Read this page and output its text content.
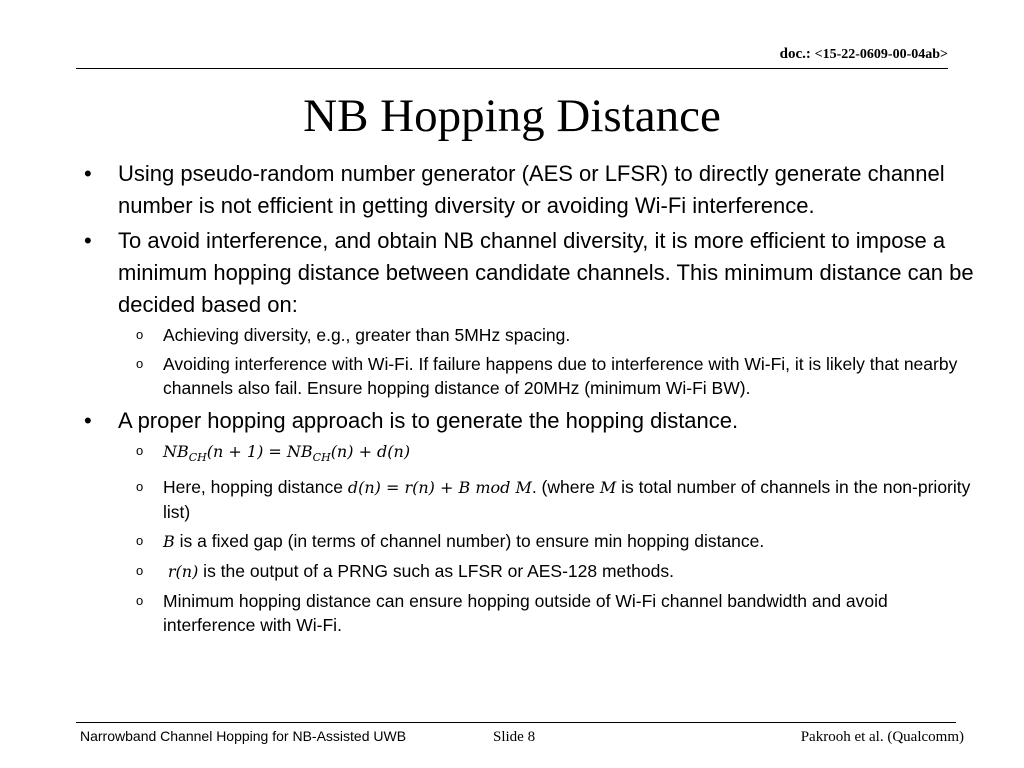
doc.: <15-22-0609-00-04ab>
NB Hopping Distance
• Using pseudo-random number generator (AES or LFSR) to directly generate channel number is not efficient in getting diversity or avoiding Wi-Fi interference.
• To avoid interference, and obtain NB channel diversity, it is more efficient to impose a minimum hopping distance between candidate channels. This minimum distance can be decided based on:
o Achieving diversity, e.g., greater than 5MHz spacing.
o Avoiding interference with Wi-Fi. If failure happens due to interference with Wi-Fi, it is likely that nearby channels also fail. Ensure hopping distance of 20MHz (minimum Wi-Fi BW).
• A proper hopping approach is to generate the hopping distance.
o $NB_{CH}(n + 1) = NB_{CH}(n) + d(n)$
o Here, hopping distance d(n) = r(n) + B mod M. (where M is total number of channels in the non-priority list)
o B is a fixed gap (in terms of channel number) to ensure min hopping distance.
o r(n) is the output of a PRNG such as LFSR or AES-128 methods.
o Minimum hopping distance can ensure hopping outside of Wi-Fi channel bandwidth and avoid interference with Wi-Fi.
Narrowband Channel Hopping for NB-Assisted UWB	Slide 8	Pakrooh et al. (Qualcomm)
